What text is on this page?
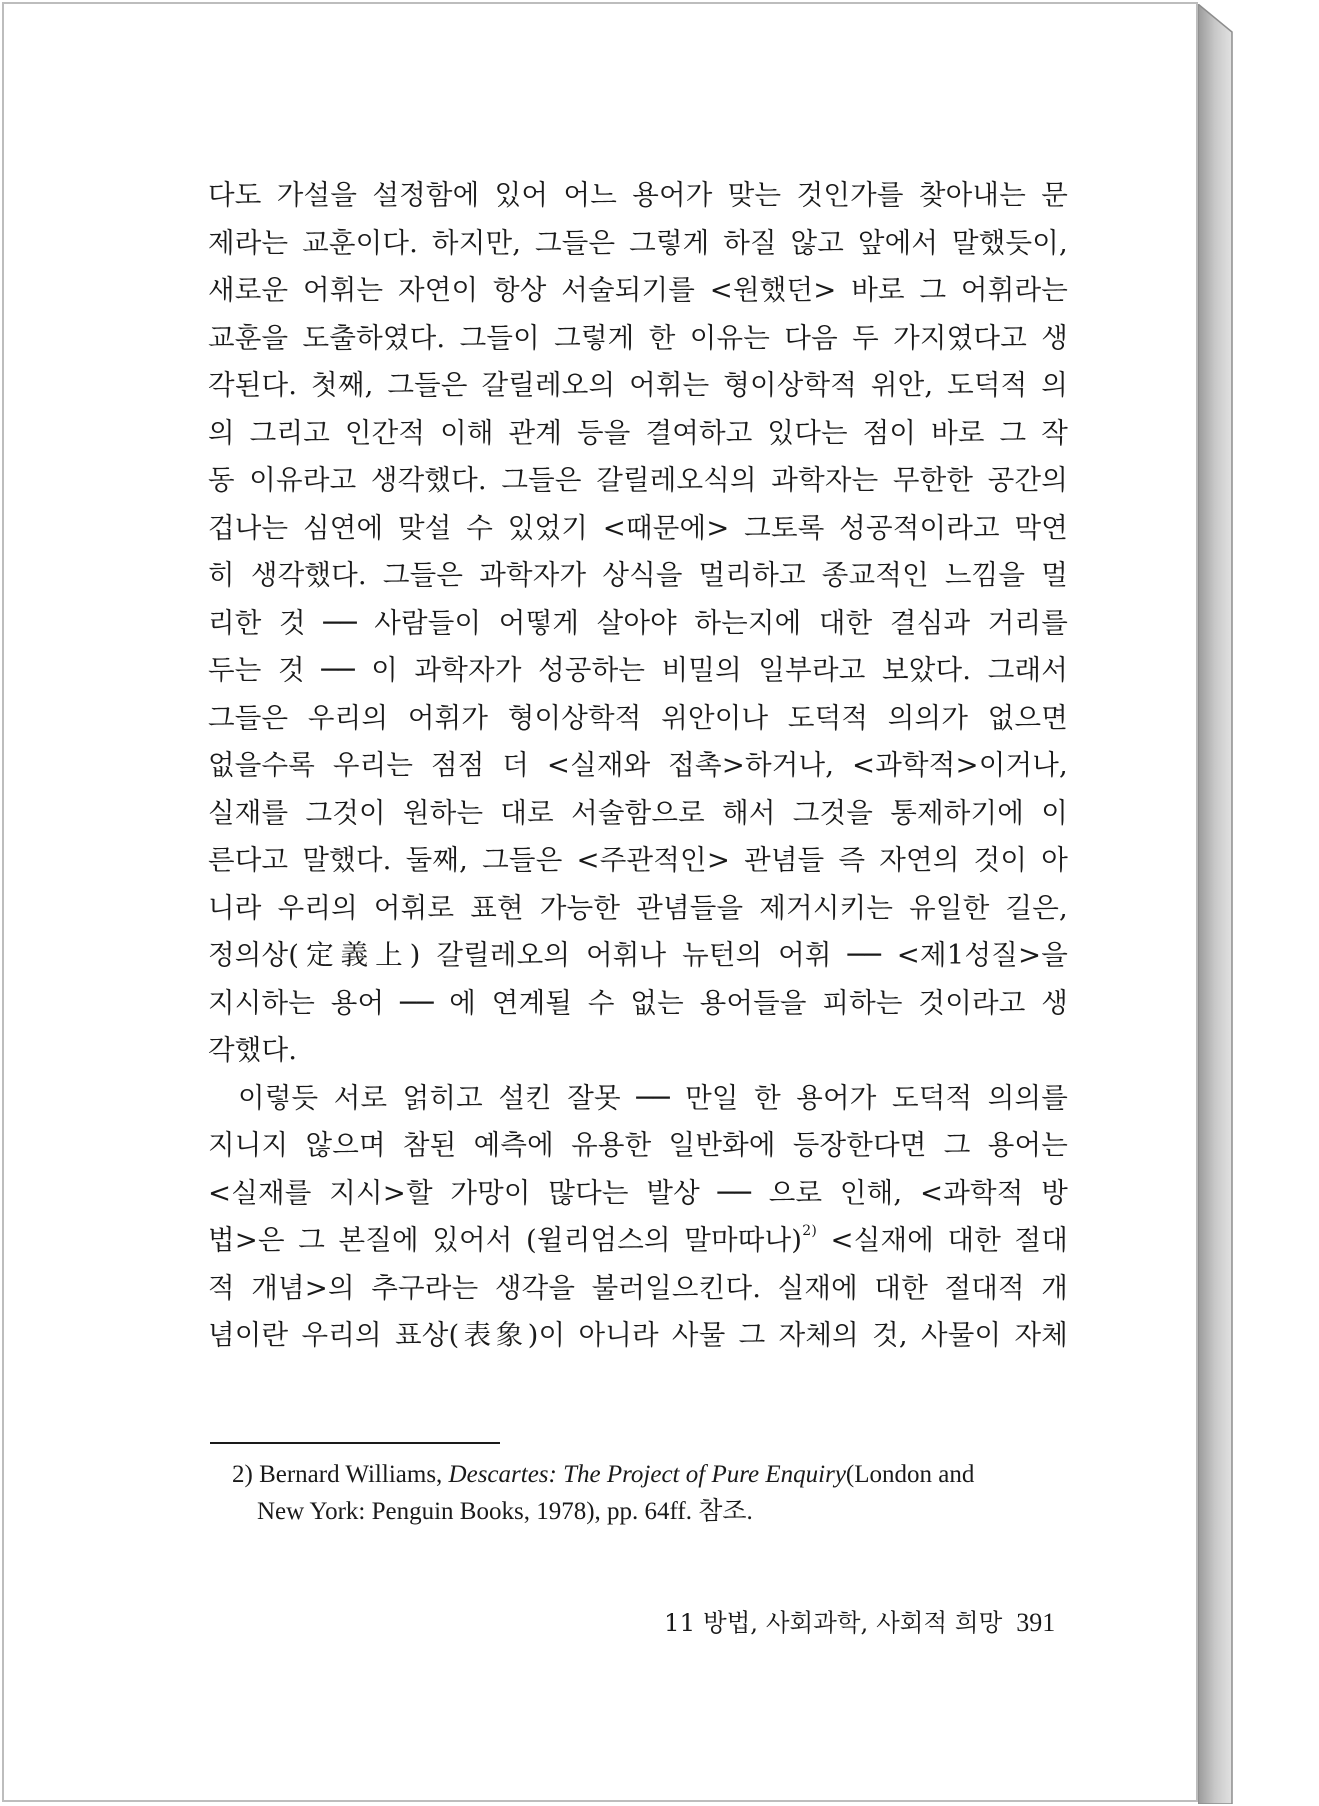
다도 가설을 설정함에 있어 어느 용어가 맞는 것인가를 찾아내는 문
제라는 교훈이다. 하지만, 그들은 그렇게 하질 않고 앞에서 말했듯이,
새로운 어휘는 자연이 항상 서술되기를 <원했던> 바로 그 어휘라는
교훈을 도출하였다. 그들이 그렇게 한 이유는 다음 두 가지였다고 생
각된다. 첫째, 그들은 갈릴레오의 어휘는 형이상학적 위안, 도덕적 의
의 그리고 인간적 이해 관계 등을 결여하고 있다는 점이 바로 그 작
동 이유라고 생각했다. 그들은 갈릴레오식의 과학자는 무한한 공간의
겁나는 심연에 맞설 수 있었기 <때문에> 그토록 성공적이라고 막연
히 생각했다. 그들은 과학자가 상식을 멀리하고 종교적인 느낌을 멀
리한 것 ── 사람들이 어떻게 살아야 하는지에 대한 결심과 거리를
두는 것 ── 이 과학자가 성공하는 비밀의 일부라고 보았다. 그래서
그들은 우리의 어휘가 형이상학적 위안이나 도덕적 의의가 없으면
없을수록 우리는 점점 더 <실재와 접촉>하거나, <과학적>이거나,
실재를 그것이 원하는 대로 서술함으로 해서 그것을 통제하기에 이
른다고 말했다. 둘째, 그들은 <주관적인> 관념들 즉 자연의 것이 아
니라 우리의 어휘로 표현 가능한 관념들을 제거시키는 유일한 길은,
정의상(定義上) 갈릴레오의 어휘나 뉴턴의 어휘 ── <제1성질>을
지시하는 용어 ── 에 연계될 수 없는 용어들을 피하는 것이라고 생
각했다.
이렇듯 서로 얽히고 설킨 잘못 ── 만일 한 용어가 도덕적 의의를
지니지 않으며 참된 예측에 유용한 일반화에 등장한다면 그 용어는
<실재를 지시>할 가망이 많다는 발상 ── 으로 인해, <과학적 방
법>은 그 본질에 있어서 (윌리엄스의 말마따나)$^{2)}$ <실재에 대한 절대
적 개념>의 추구라는 생각을 불러일으킨다. 실재에 대한 절대적 개
념이란 우리의 표상(表象)이 아니라 사물 그 자체의 것, 사물이 자체
2) Bernard Williams, Descartes: The Project of Pure Enquiry(London and
New York: Penguin Books, 1978), pp. 64ff. 참조.
11 방법, 사회과학, 사회적 희망 391
